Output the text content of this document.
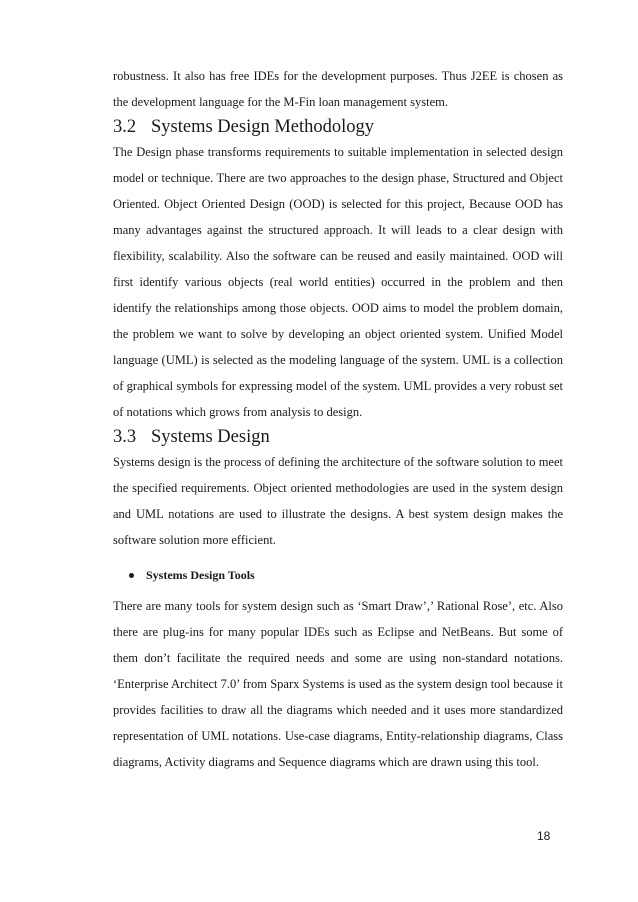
robustness. It also has free IDEs for the development purposes. Thus J2EE is chosen as the development language for the M-Fin loan management system.

3.2 Systems Design Methodology

The Design phase transforms requirements to suitable implementation in selected design model or technique. There are two approaches to the design phase, Structured and Object Oriented. Object Oriented Design (OOD) is selected for this project, Because OOD has many advantages against the structured approach. It will leads to a clear design with flexibility, scalability. Also the software can be reused and easily maintained. OOD will first identify various objects (real world entities) occurred in the problem and then identify the relationships among those objects. OOD aims to model the problem domain, the problem we want to solve by developing an object oriented system. Unified Model language (UML) is selected as the modeling language of the system. UML is a collection of graphical symbols for expressing model of the system. UML provides a very robust set of notations which grows from analysis to design.

3.3 Systems Design

Systems design is the process of defining the architecture of the software solution to meet the specified requirements. Object oriented methodologies are used in the system design and UML notations are used to illustrate the designs. A best system design makes the software solution more efficient.

Systems Design Tools

There are many tools for system design such as ‘Smart Draw’,’ Rational Rose’, etc. Also there are plug-ins for many popular IDEs such as Eclipse and NetBeans. But some of them don’t facilitate the required needs and some are using non-standard notations. ‘Enterprise Architect 7.0’ from Sparx Systems is used as the system design tool because it provides facilities to draw all the diagrams which needed and it uses more standardized representation of UML notations. Use-case diagrams, Entity-relationship diagrams, Class diagrams, Activity diagrams and Sequence diagrams which are drawn using this tool.

18
